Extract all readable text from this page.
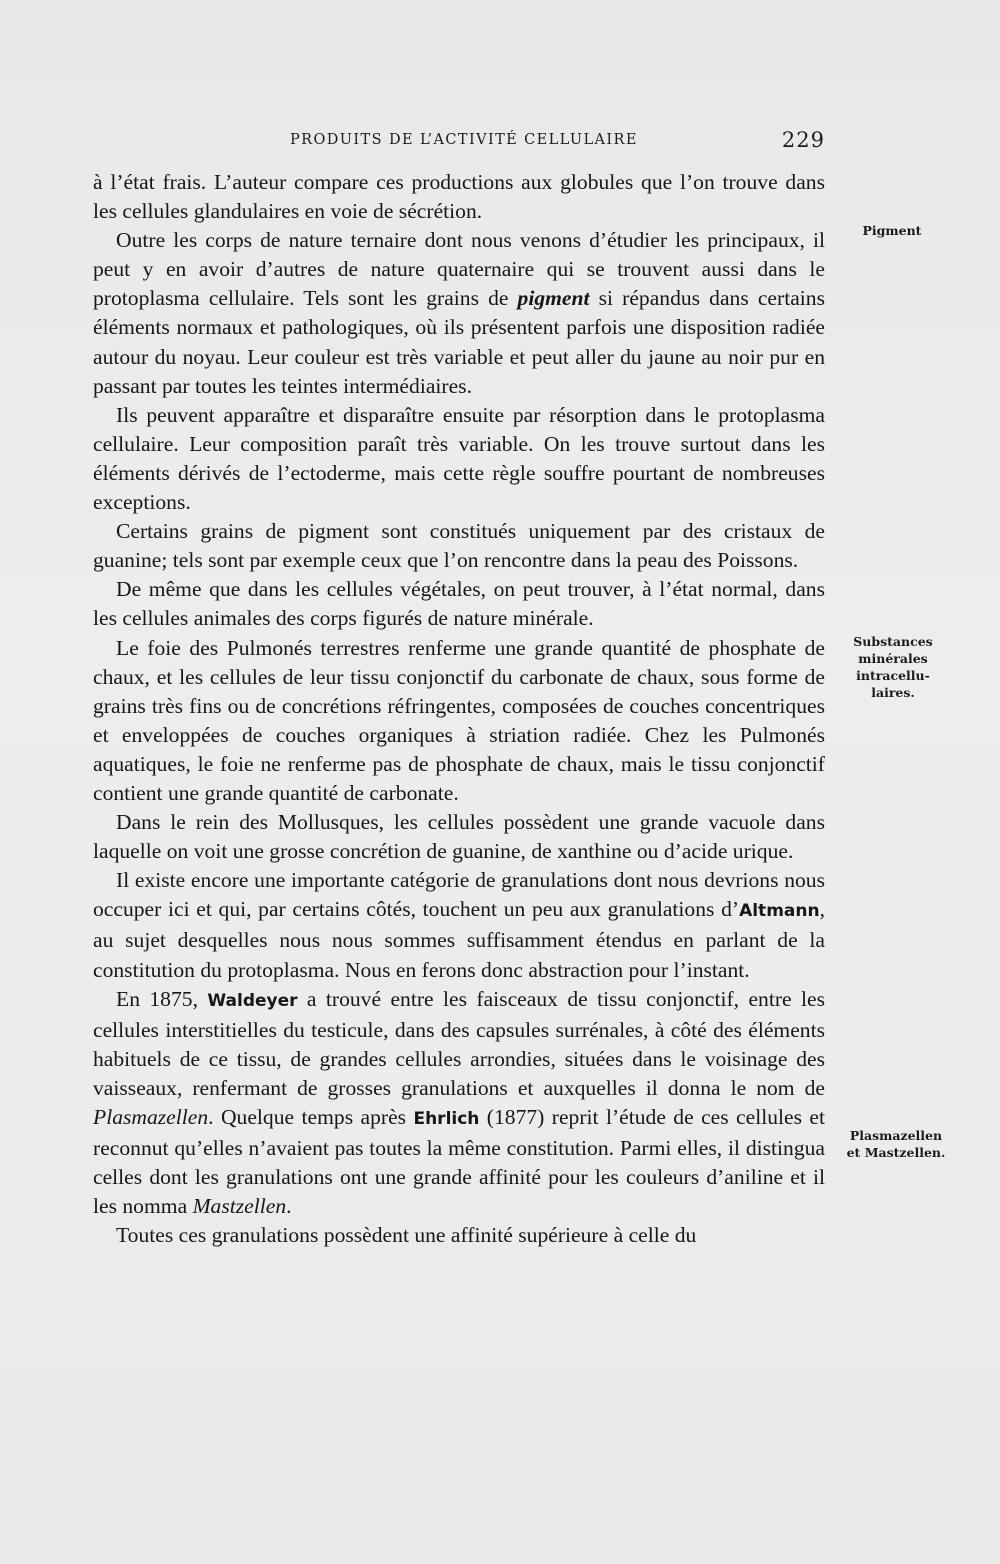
PRODUITS DE L’ACTIVITÉ CELLULAIRE	229

à l’état frais. L’auteur compare ces productions aux globules que l’on trouve dans les cellules glandulaires en voie de sécrétion.

Outre les corps de nature ternaire dont nous venons d’étudier les principaux, il peut y en avoir d’autres de nature quaternaire qui se trouvent aussi dans le protoplasma cellulaire. Tels sont les grains de pigment si répandus dans certains éléments normaux et pathologiques, où ils présentent parfois une disposition radiée autour du noyau. Leur couleur est très variable et peut aller du jaune au noir pur en passant par toutes les teintes intermédiaires.

Ils peuvent apparaître et disparaître ensuite par résorption dans le protoplasma cellulaire. Leur composition paraît très variable. On les trouve surtout dans les éléments dérivés de l’ectoderme, mais cette règle souffre pourtant de nombreuses exceptions.

Certains grains de pigment sont constitués uniquement par des cristaux de guanine; tels sont par exemple ceux que l’on rencontre dans la peau des Poissons.

De même que dans les cellules végétales, on peut trouver, à l’état normal, dans les cellules animales des corps figurés de nature minérale.

Le foie des Pulmonés terrestres renferme une grande quantité de phosphate de chaux, et les cellules de leur tissu conjonctif du carbonate de chaux, sous forme de grains très fins ou de concrétions réfringentes, composées de couches concentriques et enveloppées de couches organiques à striation radiée. Chez les Pulmonés aquatiques, le foie ne renferme pas de phosphate de chaux, mais le tissu conjonctif contient une grande quantité de carbonate.

Dans le rein des Mollusques, les cellules possèdent une grande vacuole dans laquelle on voit une grosse concrétion de guanine, de xanthine ou d’acide urique.

Il existe encore une importante catégorie de granulations dont nous devrions nous occuper ici et qui, par certains côtés, touchent un peu aux granulations d’Altmann, au sujet desquelles nous nous sommes suffisamment étendus en parlant de la constitution du protoplasma. Nous en ferons donc abstraction pour l’instant.

En 1875, Waldeyer a trouvé entre les faisceaux de tissu conjonctif, entre les cellules interstitielles du testicule, dans des capsules surrénales, à côté des éléments habituels de ce tissu, de grandes cellules arrondies, situées dans le voisinage des vaisseaux, renfermant de grosses granulations et auxquelles il donna le nom de Plasmazellen. Quelque temps après Ehrlich (1877) reprit l’étude de ces cellules et reconnut qu’elles n’avaient pas toutes la même constitution. Parmi elles, il distingua celles dont les granulations ont une grande affinité pour les couleurs d’aniline et il les nomma Mastzellen.

Toutes ces granulations possèdent une affinité supérieure à celle du

Pigment
Substances
minérales
intracellu-
laires.
Plasmazellen
et Mastzellen.
